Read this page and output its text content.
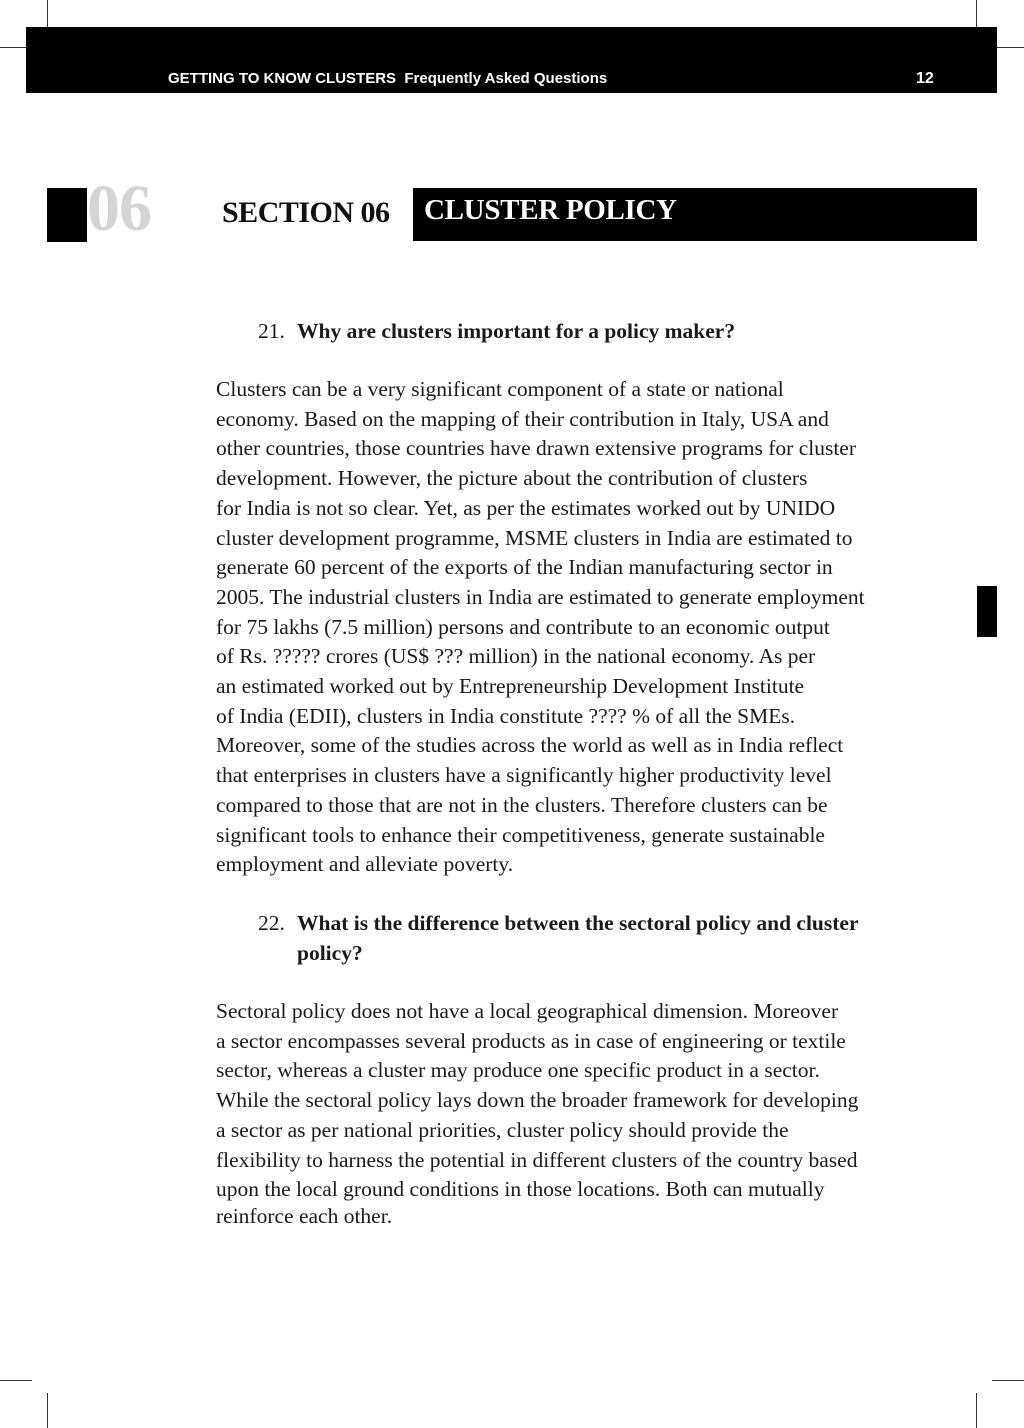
GETTING TO KNOW CLUSTERS  Frequently Asked Questions	12
06 SECTION 06 CLUSTER POLICY
21. Why are clusters important for a policy maker?
Clusters can be a very significant component of a state or national
economy. Based on the mapping of their contribution in Italy, USA and
other countries, those countries have drawn extensive programs for cluster
development. However, the picture about the contribution of clusters
for India is not so clear. Yet, as per the estimates worked out by UNIDO
cluster development programme, MSME clusters in India are estimated to
generate 60 percent of the exports of the Indian manufacturing sector in
2005. The industrial clusters in India are estimated to generate employment
for 75 lakhs (7.5 million) persons and contribute to an economic output
of Rs. ????? crores (US$ ??? million) in the national economy. As per
an estimated worked out by Entrepreneurship Development Institute
of India (EDII), clusters in India constitute ???? % of all the SMEs.
Moreover, some of the studies across the world as well as in India reflect
that enterprises in clusters have a significantly higher productivity level
compared to those that are not in the clusters. Therefore clusters can be
significant tools to enhance their competitiveness, generate sustainable
employment and alleviate poverty.
22. What is the difference between the sectoral policy and cluster
policy?
Sectoral policy does not have a local geographical dimension. Moreover
a sector encompasses several products as in case of engineering or textile
sector, whereas a cluster may produce one specific product in a sector.
While the sectoral policy lays down the broader framework for developing
a sector as per national priorities, cluster policy should provide the
flexibility to harness the potential in different clusters of the country based
upon the local ground conditions in those locations. Both can mutually
reinforce each other.
